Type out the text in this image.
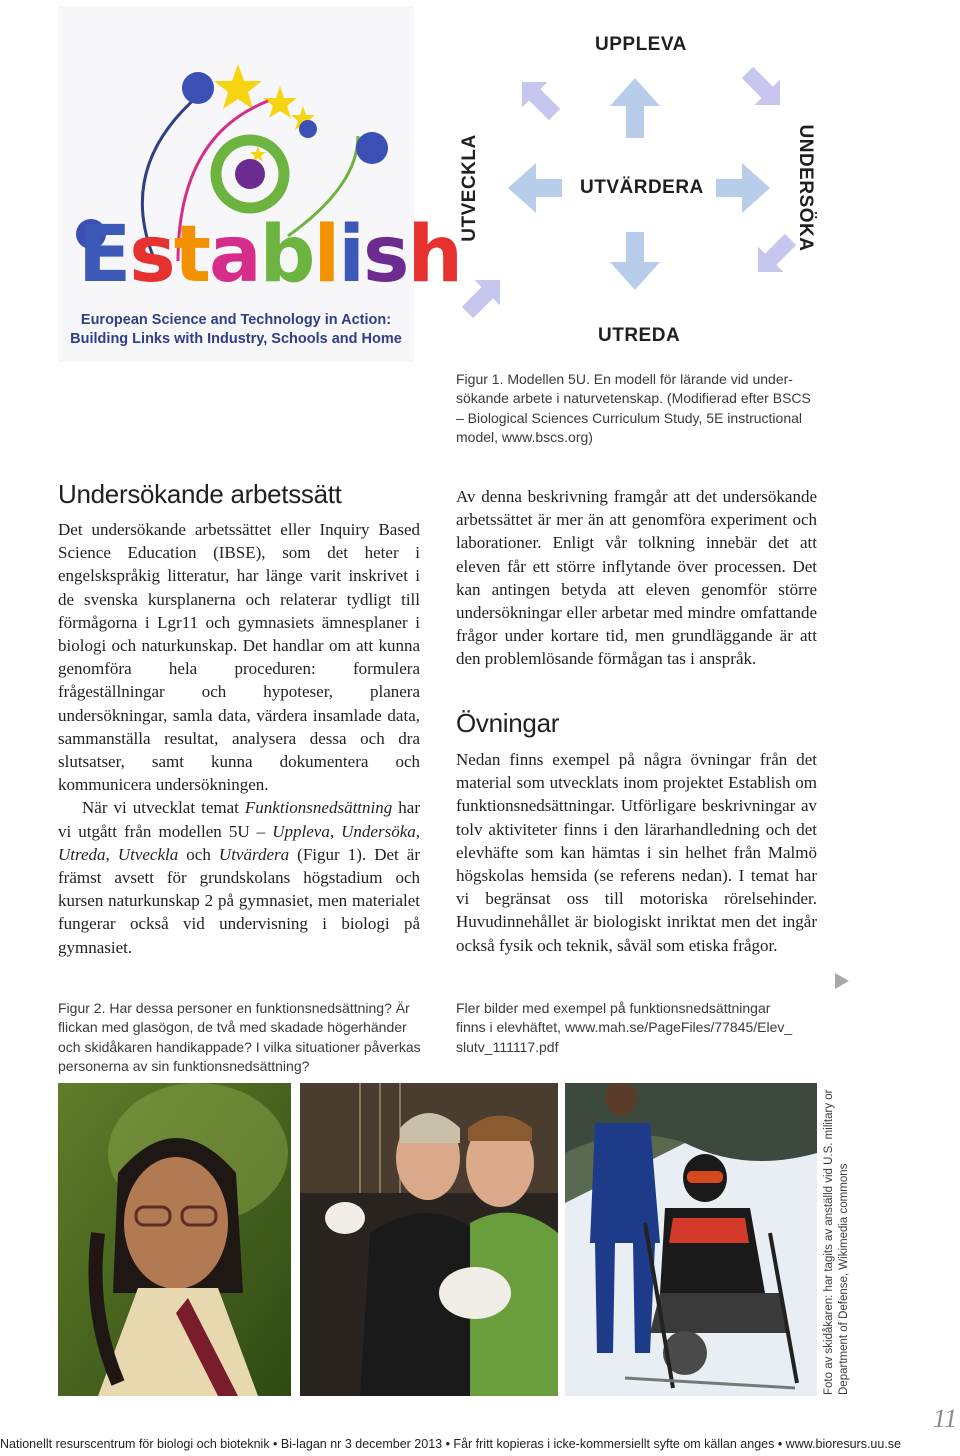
Establish
European Science and Technology in Action:
Building Links with Industry, Schools and Home
UPPLEVA
UTVÄRDERA
UTREDA
UTVECKLA	UNDERSÖKA
Figur 1. Modellen 5U. En modell för lärande vid under-
sökande arbete i naturvetenskap. (Modifierad efter BSCS
– Biological Sciences Curriculum Study, 5E instructional
model, www.bscs.org)
Undersökande arbetssätt

Det undersökande arbetssättet eller Inquiry Based Science Education (IBSE), som det heter i engelskspråkig litteratur, har länge varit inskrivet i de svenska kursplanerna och relaterar tydligt till förmågorna i Lgr11 och gymnasiets ämnesplaner i biologi och naturkunskap. Det handlar om att kunna genomföra hela proceduren: formulera frågeställningar och hypoteser, planera undersökningar, samla data, värdera insamlade data, sammanställa resultat, analysera dessa och dra slutsatser, samt kunna dokumentera och kommunicera undersökningen.

När vi utvecklat temat Funktionsnedsättning har vi utgått från modellen 5U – Uppleva, Undersöka, Utreda, Utveckla och Utvärdera (Figur 1). Det är främst avsett för grundskolans högstadium och kursen naturkunskap 2 på gymnasiet, men materialet fungerar också vid undervisning i biologi på gymnasiet.

Av denna beskrivning framgår att det undersökande arbetssättet är mer än att genomföra experiment och laborationer. Enligt vår tolkning innebär det att eleven får ett större inflytande över processen. Det kan antingen betyda att eleven genomför större undersökningar eller arbetar med mindre omfattande frågor under kortare tid, men grundläggande är att den problemlösande förmågan tas i anspråk.

Övningar

Nedan finns exempel på några övningar från det material som utvecklats inom projektet Establish om funktionsnedsättningar. Utförligare beskrivningar av tolv aktiviteter finns i den lärarhandledning och det elevhäfte som kan hämtas i sin helhet från Malmö högskolas hemsida (se referens nedan). I temat har vi begränsat oss till motoriska rörelsehinder. Huvudinnehållet är biologiskt inriktat men det ingår också fysik och teknik, såväl som etiska frågor.

Figur 2. Har dessa personer en funktionsnedsättning? Är
flickan med glasögon, de två med skadade högerhänder
och skidåkaren handikappade? I vilka situationer påverkas
personerna av sin funktionsnedsättning?
Fler bilder med exempel på funktionsnedsättningar
finns i elevhäftet, www.mah.se/PageFiles/77845/Elev_
slutv_111117.pdf
Foto av skidåkaren: har tagits av anställd vid U.S. military or Department of Defense, Wikimedia commons
11
Nationellt resurscentrum för biologi och bioteknik • Bi-lagan nr 3 december 2013 • Får fritt kopieras i icke-kommersiellt syfte om källan anges • www.bioresurs.uu.se
